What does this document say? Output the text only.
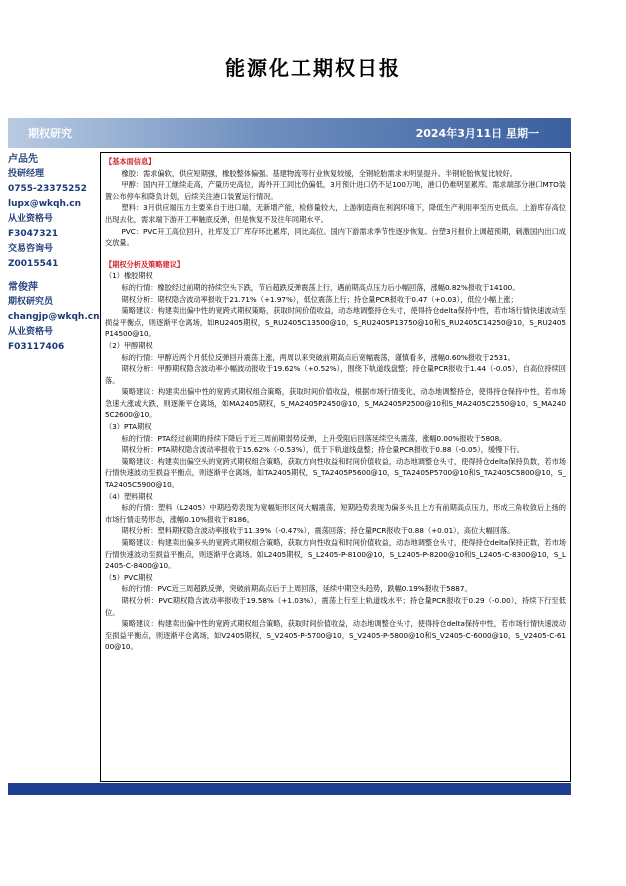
能源化工期权日报
期权研究	2024年3月11日 星期一
卢品先
投研经理
0755-23375252
lupx@wkqh.cn
从业资格号
F3047321
交易咨询号
Z0015541
常俊萍
期权研究员
changjp@wkqh.cn
从业资格号
F03117406

【基本面信息】

橡胶：需求偏软，供应短期强，橡胶整体偏强。基建物流等行业恢复较缓，全钢轮胎需求未明显提升。半钢轮胎恢复比较好。

甲醇：国内开工继续走高，产量历史高位，海外开工同比仍偏低，3月预计进口仍不足100万吨，港口仍难明显累库。需求端部分港口MTO装置公布停车和降负计划，后续关注港口装置运行情况。

塑料：3月供应端压力主要来自于进口端，无新增产能，检修量较大，上游制造商在利润环境下，降低生产利用率至历史低点。上游库存高位出现去化，需求端下游开工率触底反弹，但是恢复不及往年同期水平。

PVC：PVC开工高位回升，社库及工厂库存环比累库，同比高位。国内下游需求季节性逐步恢复。台塑3月报价上调超预期，刺激国内出口成交放量。

【期权分析及策略建议】

（1）橡胶期权

标的行情：橡胶经过前期的持续空头下跌，节后超跌反弹震荡上行，遇前期高点压力后小幅回落，涨幅0.82%报收于14100。

期权分析：期权隐含波动率报收于21.71%（+1.97%），低位震荡上行；持仓量PCR报收于0.47（+0.03），低位小幅上涨；

策略建议：构建卖出偏中性的宽跨式期权策略，获取时间价值收益，动态地调整持仓头寸，使得持仓delta保持中性，若市场行情快速波动至损益平衡点，则逐渐平仓离场，如RU2405期权，S_RU2405C13500@10，S_RU2405P13750@10和S_RU2405C14250@10，S_RU2405P14500@10。

（2）甲醇期权

标的行情：甲醇近两个月低位反弹回升震荡上涨，两周以来突破前期高点后宽幅震荡，谨慎看多，涨幅0.60%报收于2531。

期权分析：甲醇期权隐含波动率小幅波动报收于19.62%（+0.52%），围绕下轨道线盘整；持仓量PCR报收于1.44（-0.05），自高位持续回落。

策略建议：构建卖出偏中性的宽跨式期权组合策略，获取时间价值收益，根据市场行情变化，动态地调整持仓，使得持仓保持中性，若市场急速大涨或大跌，则逐渐平仓离场，如MA2405期权，S_MA2405P2450@10，S_MA2405P2500@10和S_MA2405C2550@10，S_MA2405C2600@10。

（3）PTA期权

标的行情：PTA经过前期的持续下降后于近三周前期弱势反弹，上升受阻后回落延续空头震荡，涨幅0.00%报收于5808。

期权分析：PTA期权隐含波动率报收于15.62%（-0.53%），低于下轨道线盘整；持仓量PCR报收于0.88（-0.05），缓慢下行。

策略建议：构建卖出偏空头的宽跨式期权组合策略，获取方向性收益和时间价值收益，动态地调整仓头寸，使得持仓delta保持负数，若市场行情快速波动至损益平衡点，则逐渐平仓离场，如TA2405期权，S_TA2405P5600@10，S_TA2405P5700@10和S_TA2405C5800@10，S_TA2405C5900@10。

（4）塑料期权

标的行情：塑料（L2405）中期趋势表现为宽幅矩形区间大幅震荡，短期趋势表现为偏多头且上方有前期高点压力，形成三角收敛后上扬的市场行情走势形态，涨幅0.10%报收于8186。

期权分析：塑料期权隐含波动率报收于11.39%（-0.47%），震荡回落；持仓量PCR报收于0.88（+0.01），高位大幅回落。

策略建议：构建卖出偏多头的宽跨式期权组合策略，获取方向性收益和时间价值收益，动态地调整仓头寸，使得持仓delta保持正数，若市场行情快速波动至损益平衡点，则逐渐平仓离场。如L2405期权，S_L2405-P-8100@10，S_L2405-P-8200@10和S_L2405-C-8300@10，S_L2405-C-8400@10。

（5）PVC期权

标的行情：PVC近三周超跌反弹，突破前期高点后于上周回落，延续中期空头趋势，跌幅0.19%报收于5887。

期权分析：PVC期权隐含波动率报收于19.58%（+1.03%），震荡上行至上轨道线水平；持仓量PCR报收于0.29（-0.00），持续下行至低位。

策略建议：构建卖出偏中性的宽跨式期权组合策略，获取时间价值收益，动态地调整仓头寸，使得持仓delta保持中性，若市场行情快速波动至损益平衡点，则逐渐平仓离场，如V2405期权，S_V2405-P-5700@10，S_V2405-P-5800@10和S_V2405-C-6000@10，S_V2405-C-6100@10。
